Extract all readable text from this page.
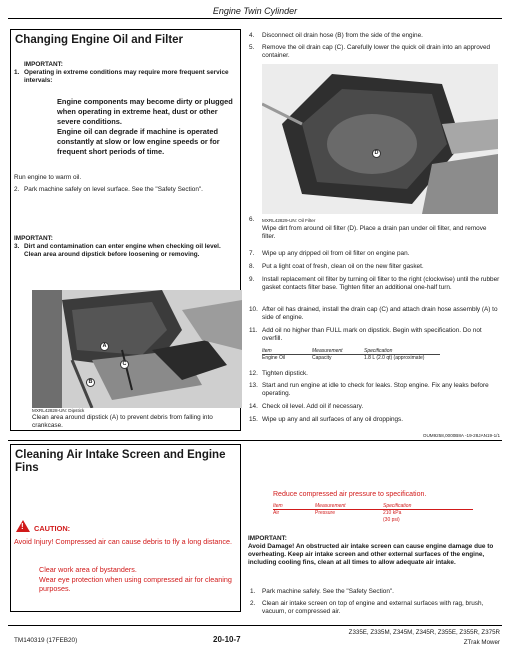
Engine Twin Cylinder
Changing Engine Oil and Filter
IMPORTANT:
1. Operating in extreme conditions may require more frequent service intervals:
Engine components may become dirty or plugged when operating in extreme heat, dust or other severe conditions.
Engine oil can degrade if machine is operated constantly at slow or low engine speeds or for frequent short periods of time.
Run engine to warm oil.
2. Park machine safely on level surface. See the "Safety Section".
IMPORTANT:
3. Dirt and contamination can enter engine when checking oil level. Clean area around dipstick before loosening or removing.
A
C
B
MXRL42828-UN: Dipstick
Clean area around dipstick (A) to prevent debris from falling into crankcase.
4. Disconnect oil drain hose (B) from the side of the engine.
5. Remove the oil drain cap (C). Carefully lower the quick oil drain into an approved container.
D
6. MXRL42829-UN: Oil Filter
Wipe dirt from around oil filter (D). Place a drain pan under oil filter, and remove filter.
7. Wipe up any dripped oil from oil filter on engine pan.
8. Put a light coat of fresh, clean oil on the new filter gasket.
9. Install replacement oil filter by turning oil filter to the right (clockwise) until the rubber gasket contacts filter base. Tighten filter an additional one-half turn.
10. After oil has drained, install the drain cap (C) and attach drain hose assembly (A) to side of engine.
11. Add oil no higher than FULL mark on dipstick. Begin with specification. Do not overfill.
Item	Measurement	Specification
Engine Oil	Capacity	1.8 L (2.0 qt) (approximate)
12. Tighten dipstick.
13. Start and run engine at idle to check for leaks. Stop engine. Fix any leaks before operating.
14. Check oil level. Add oil if necessary.
15. Wipe up any and all surfaces of any oil droppings.
OUM9258,0000B8A -19-28JAN19-1/1
Cleaning Air Intake Screen and Engine Fins
! CAUTION:
Avoid Injury! Compressed air can cause debris to fly a long distance.
Clear work area of bystanders.
Wear eye protection when using compressed air for cleaning purposes.
Reduce compressed air pressure to specification.
Item	Measurement	Specification
Air	Pressure	210 kPa
(30 psi)
IMPORTANT:
Avoid Damage! An obstructed air intake screen can cause engine damage due to overheating. Keep air intake screen and other external surfaces of the engine, including cooling fins, clean at all times to allow adequate air intake.
1. Park machine safely. See the "Safety Section".
2. Clean air intake screen on top of engine and external surfaces with rag, brush, vacuum, or compressed air.
TM140319 (17FEB20)	20-10-7
Z335E, Z335M, Z345M, Z345R, Z355E, Z355R, Z375R
ZTrak Mower
